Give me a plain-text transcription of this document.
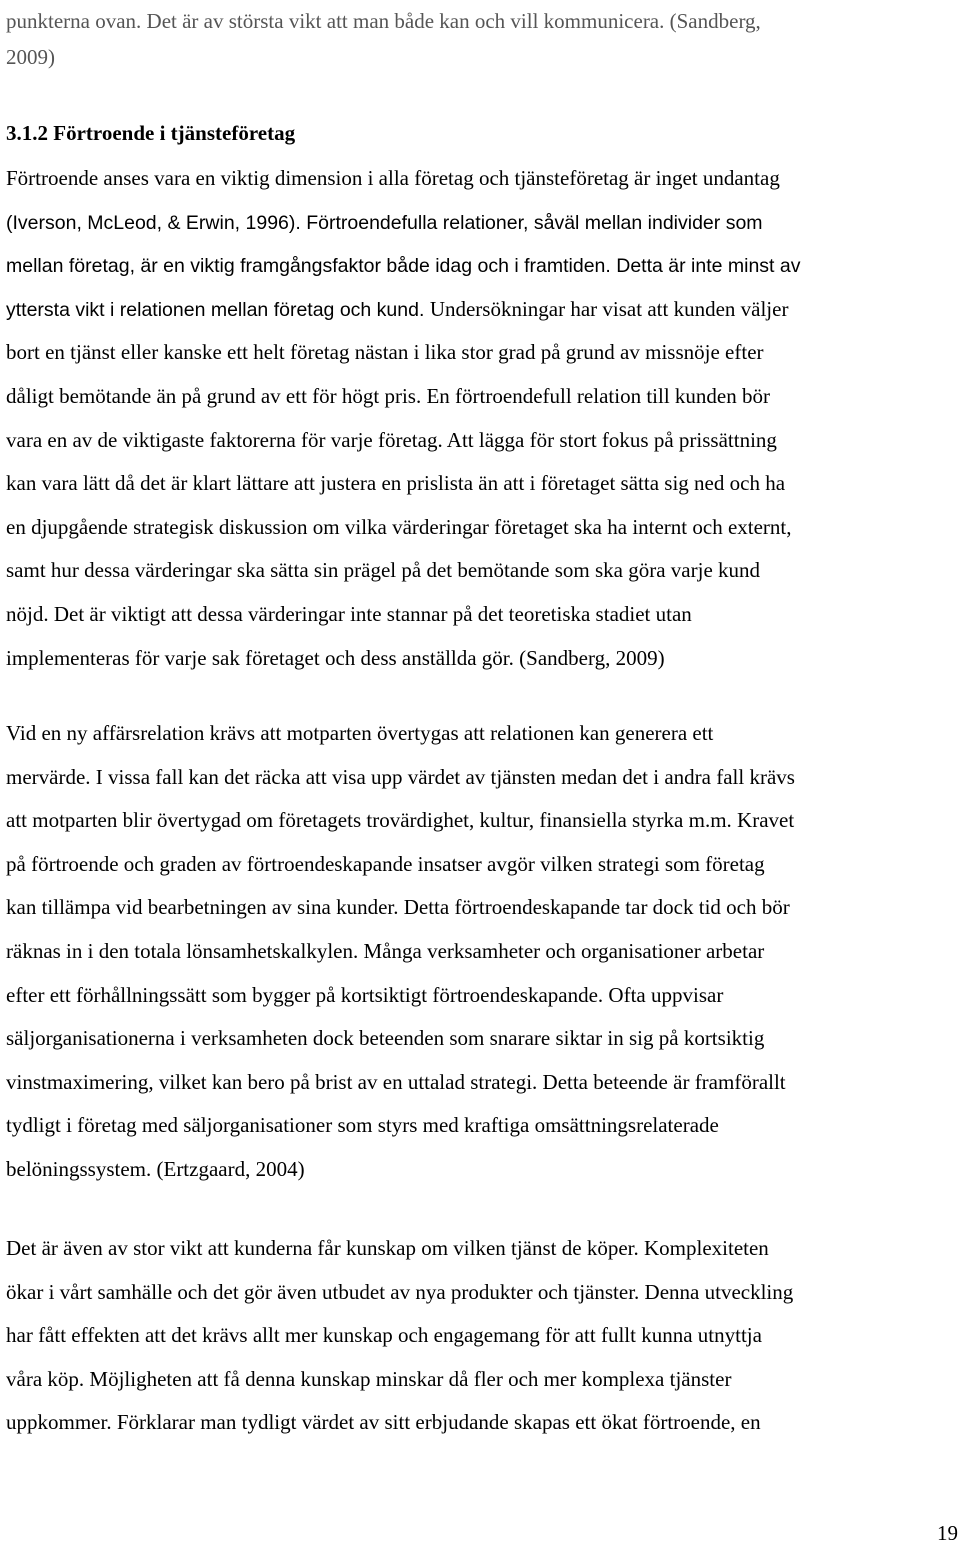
punkterna ovan. Det är av största vikt att man både kan och vill kommunicera. (Sandberg,
2009)
3.1.2 Förtroende i tjänsteföretag
Förtroende anses vara en viktig dimension i alla företag och tjänsteföretag är inget undantag
(Iverson, McLeod, & Erwin, 1996). Förtroendefulla relationer, såväl mellan individer som
mellan företag, är en viktig framgångsfaktor både idag och i framtiden. Detta är inte minst av
yttersta vikt i relationen mellan företag och kund. Undersökningar har visat att kunden väljer
bort en tjänst eller kanske ett helt företag nästan i lika stor grad på grund av missnöje efter
dåligt bemötande än på grund av ett för högt pris. En förtroendefull relation till kunden bör
vara en av de viktigaste faktorerna för varje företag. Att lägga för stort fokus på prissättning
kan vara lätt då det är klart lättare att justera en prislista än att i företaget sätta sig ned och ha
en djupgående strategisk diskussion om vilka värderingar företaget ska ha internt och externt,
samt hur dessa värderingar ska sätta sin prägel på det bemötande som ska göra varje kund
nöjd. Det är viktigt att dessa värderingar inte stannar på det teoretiska stadiet utan
implementeras för varje sak företaget och dess anställda gör. (Sandberg, 2009)
Vid en ny affärsrelation krävs att motparten övertygas att relationen kan generera ett
mervärde. I vissa fall kan det räcka att visa upp värdet av tjänsten medan det i andra fall krävs
att motparten blir övertygad om företagets trovärdighet, kultur, finansiella styrka m.m. Kravet
på förtroende och graden av förtroendeskapande insatser avgör vilken strategi som företag
kan tillämpa vid bearbetningen av sina kunder. Detta förtroendeskapande tar dock tid och bör
räknas in i den totala lönsamhetskalkylen. Många verksamheter och organisationer arbetar
efter ett förhållningssätt som bygger på kortsiktigt förtroendeskapande. Ofta uppvisar
säljorganisationerna i verksamheten dock beteenden som snarare siktar in sig på kortsiktig
vinstmaximering, vilket kan bero på brist av en uttalad strategi. Detta beteende är framförallt
tydligt i företag med säljorganisationer som styrs med kraftiga omsättningsrelaterade
belöningssystem. (Ertzgaard, 2004)
Det är även av stor vikt att kunderna får kunskap om vilken tjänst de köper. Komplexiteten
ökar i vårt samhälle och det gör även utbudet av nya produkter och tjänster. Denna utveckling
har fått effekten att det krävs allt mer kunskap och engagemang för att fullt kunna utnyttja
våra köp. Möjligheten att få denna kunskap minskar då fler och mer komplexa tjänster
uppkommer. Förklarar man tydligt värdet av sitt erbjudande skapas ett ökat förtroende, en
19
